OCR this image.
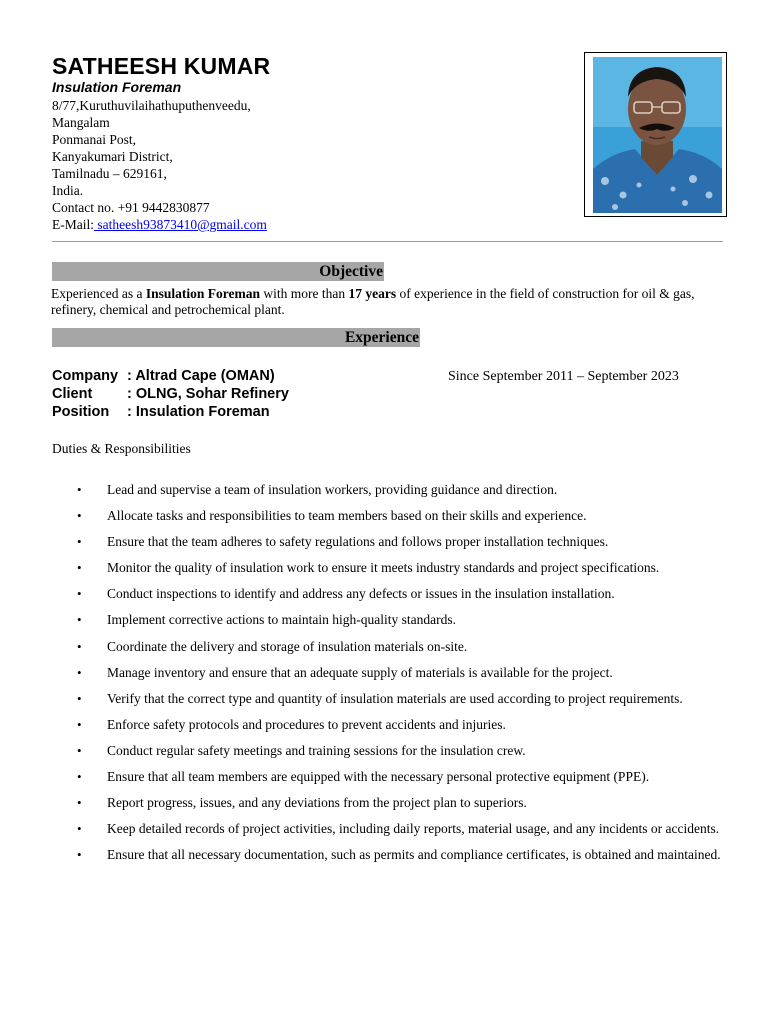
SATHEESH KUMAR
Insulation Foreman
8/77,Kuruthuvilaihathuputhenveedu,
Mangalam
Ponmanai Post,
Kanyakumari District,
Tamilnadu – 629161,
India.
Contact no. +91 9442830877
E-Mail: satheesh93873410@gmail.com
Objective
Experienced as a Insulation Foreman with more than 17 years of experience in the field of construction for oil & gas, refinery, chemical and petrochemical plant.
Experience
Company : Altrad Cape (OMAN)
Client	: OLNG, Sohar Refinery
Position	: Insulation Foreman
Since September 2011 – September 2023
Duties & Responsibilities
• Lead and supervise a team of insulation workers, providing guidance and direction.
• Allocate tasks and responsibilities to team members based on their skills and experience.
• Ensure that the team adheres to safety regulations and follows proper installation techniques.
• Monitor the quality of insulation work to ensure it meets industry standards and project specifications.
• Conduct inspections to identify and address any defects or issues in the insulation installation.
• Implement corrective actions to maintain high-quality standards.
• Coordinate the delivery and storage of insulation materials on-site.
• Manage inventory and ensure that an adequate supply of materials is available for the project.
• Verify that the correct type and quantity of insulation materials are used according to project requirements.
• Enforce safety protocols and procedures to prevent accidents and injuries.
• Conduct regular safety meetings and training sessions for the insulation crew.
• Ensure that all team members are equipped with the necessary personal protective equipment (PPE).
• Report progress, issues, and any deviations from the project plan to superiors.
• Keep detailed records of project activities, including daily reports, material usage, and any incidents or accidents.
• Ensure that all necessary documentation, such as permits and compliance certificates, is obtained and maintained.
